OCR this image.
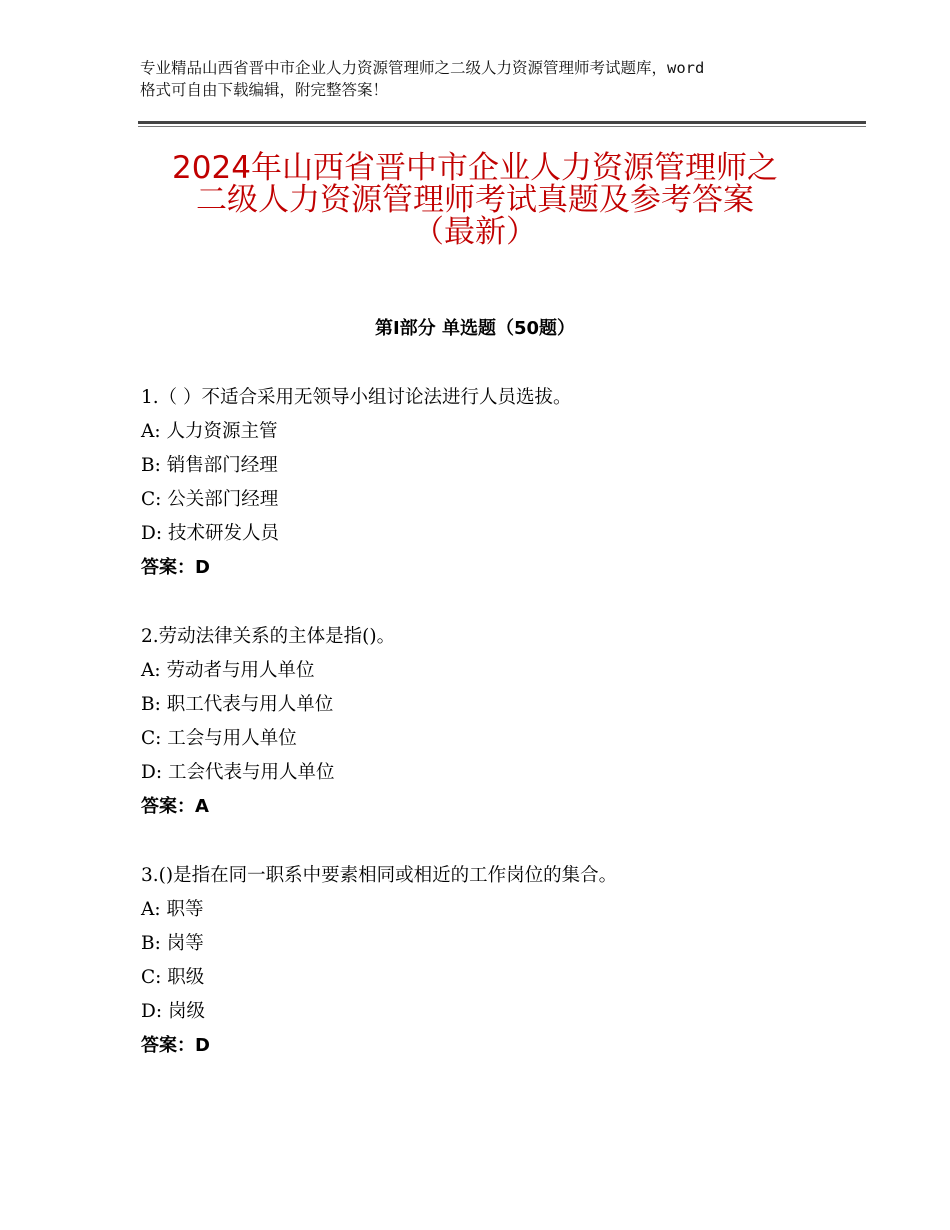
专业精品山西省晋中市企业人力资源管理师之二级人力资源管理师考试题库，word
格式可自由下载编辑，附完整答案！
2024年山西省晋中市企业人力资源管理师之
二级人力资源管理师考试真题及参考答案
（最新）
第Ⅰ部分 单选题（50题）
1.（ ）不适合采用无领导小组讨论法进行人员选拔。
A: 人力资源主管
B: 销售部门经理
C: 公关部门经理
D: 技术研发人员
答案：D
2.劳动法律关系的主体是指()。
A: 劳动者与用人单位
B: 职工代表与用人单位
C: 工会与用人单位
D: 工会代表与用人单位
答案：A
3.()是指在同一职系中要素相同或相近的工作岗位的集合。
A: 职等
B: 岗等
C: 职级
D: 岗级
答案：D
